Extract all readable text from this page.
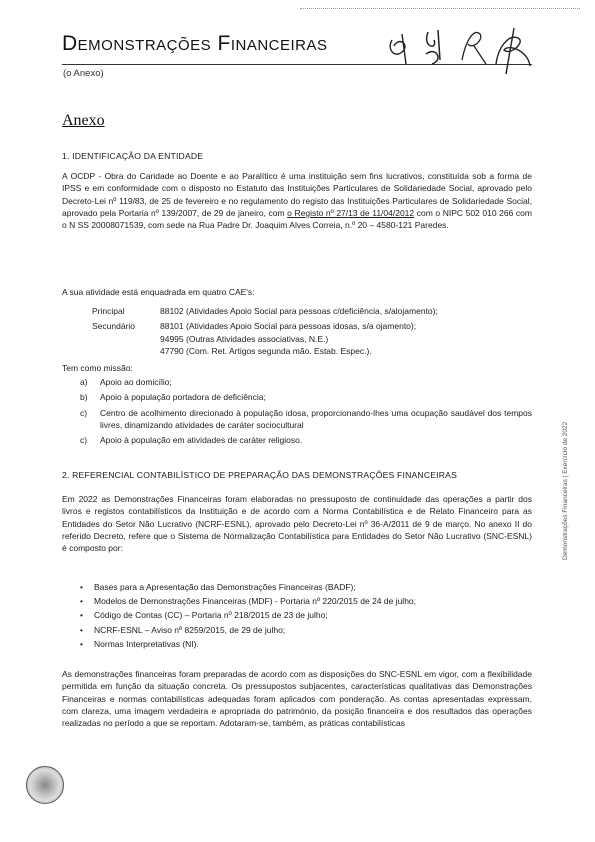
Demonstrações Financeiras
(o Anexo)
Anexo
1. IDENTIFICAÇÃO DA ENTIDADE
A OCDP - Obra do Caridade ao Doente e ao Paralítico é uma instituição sem fins lucrativos, constituída sob a forma de IPSS e em conformidade com o disposto no Estatuto das Instituições Particulares de Solidariedade Social, aprovado pelo Decreto-Lei nº 119/83, de 25 de fevereiro e no regulamento do registo das Instituições Particulares de Solidariedade Social, aprovado pela Portaria nº 139/2007, de 29 de janeiro, com o Registo nº 27/13 de 11/04/2012 com o NIPC 502 010 266 com o N SS 20008071539, com sede na Rua Padre Dr. Joaquim Alves Correia, n.º 20 – 4580-121 Paredes.
A sua atividade está enquadrada em quatro CAE's:
Principal	88102 (Atividades Apoio Social para pessoas c/deficiência, s/alojamento);
Secundário	88101 (Atividades Apoio Social para pessoas idosas, s/a ojamento);
94995 (Outras Atividades associativas, N.E.)
47790 (Com. Ret. Artigos segunda mão. Estab. Espec.).
Tem como missão:
a)	Apoio ao domicílio;
b)	Apoio à população portadora de deficiência;
c)	Centro de acolhimento direcionado à população idosa, proporcionando-lhes uma ocupação saudável dos tempos livres, dinamizando atividades de caráter sociocultural
c)	Apoio à população em atividades de caráter religioso.
2. REFERENCIAL CONTABILÍSTICO DE PREPARAÇÃO DAS DEMONSTRAÇÕES FINANCEIRAS
Em 2022 as Demonstrações Financeiras foram elaboradas no pressuposto de continuidade das operações a partir dos livros e registos contabilísticos da Instituição e de acordo com a Norma Contabilística e de Relato Financeiro para as Entidades do Setor Não Lucrativo (NCRF-ESNL), aprovado pelo Decreto-Lei nº 36-A/2011 de 9 de março. No anexo II do referido Decreto, refere que o Sistema de Normalização Contabilística para Entidades do Setor Não Lucrativo (SNC-ESNL) é composto por:
•	Bases para a Apresentação das Demonstrações Financeiras (BADF);
•	Modelos de Demonstrações Financeiras (MDF) - Portaria nº 220/2015 de 24 de julho;
•	Código de Contas (CC) – Portaria nº 218/2015 de 23 de julho;
•	NCRF-ESNL – Aviso nº 8259/2015, de 29 de julho;
•	Normas Interpretativas (NI).
As demonstrações financeiras foram preparadas de acordo com as disposições do SNC-ESNL em vigor, com a flexibilidade permitida em função da situação concreta. Os pressupostos subjacentes, características qualitativas das Demonstrações Financeiras e normas contabilísticas adequadas foram aplicados com ponderação. As contas apresentadas expressam, com clareza, uma imagem verdadeira e apropriada do património, da posição financeira e dos resultados das operações realizadas no período a que se reportam. Adotaram-se, também, as práticas contabilísticas
Demonstrações Financeiras | Exercício de 2022
